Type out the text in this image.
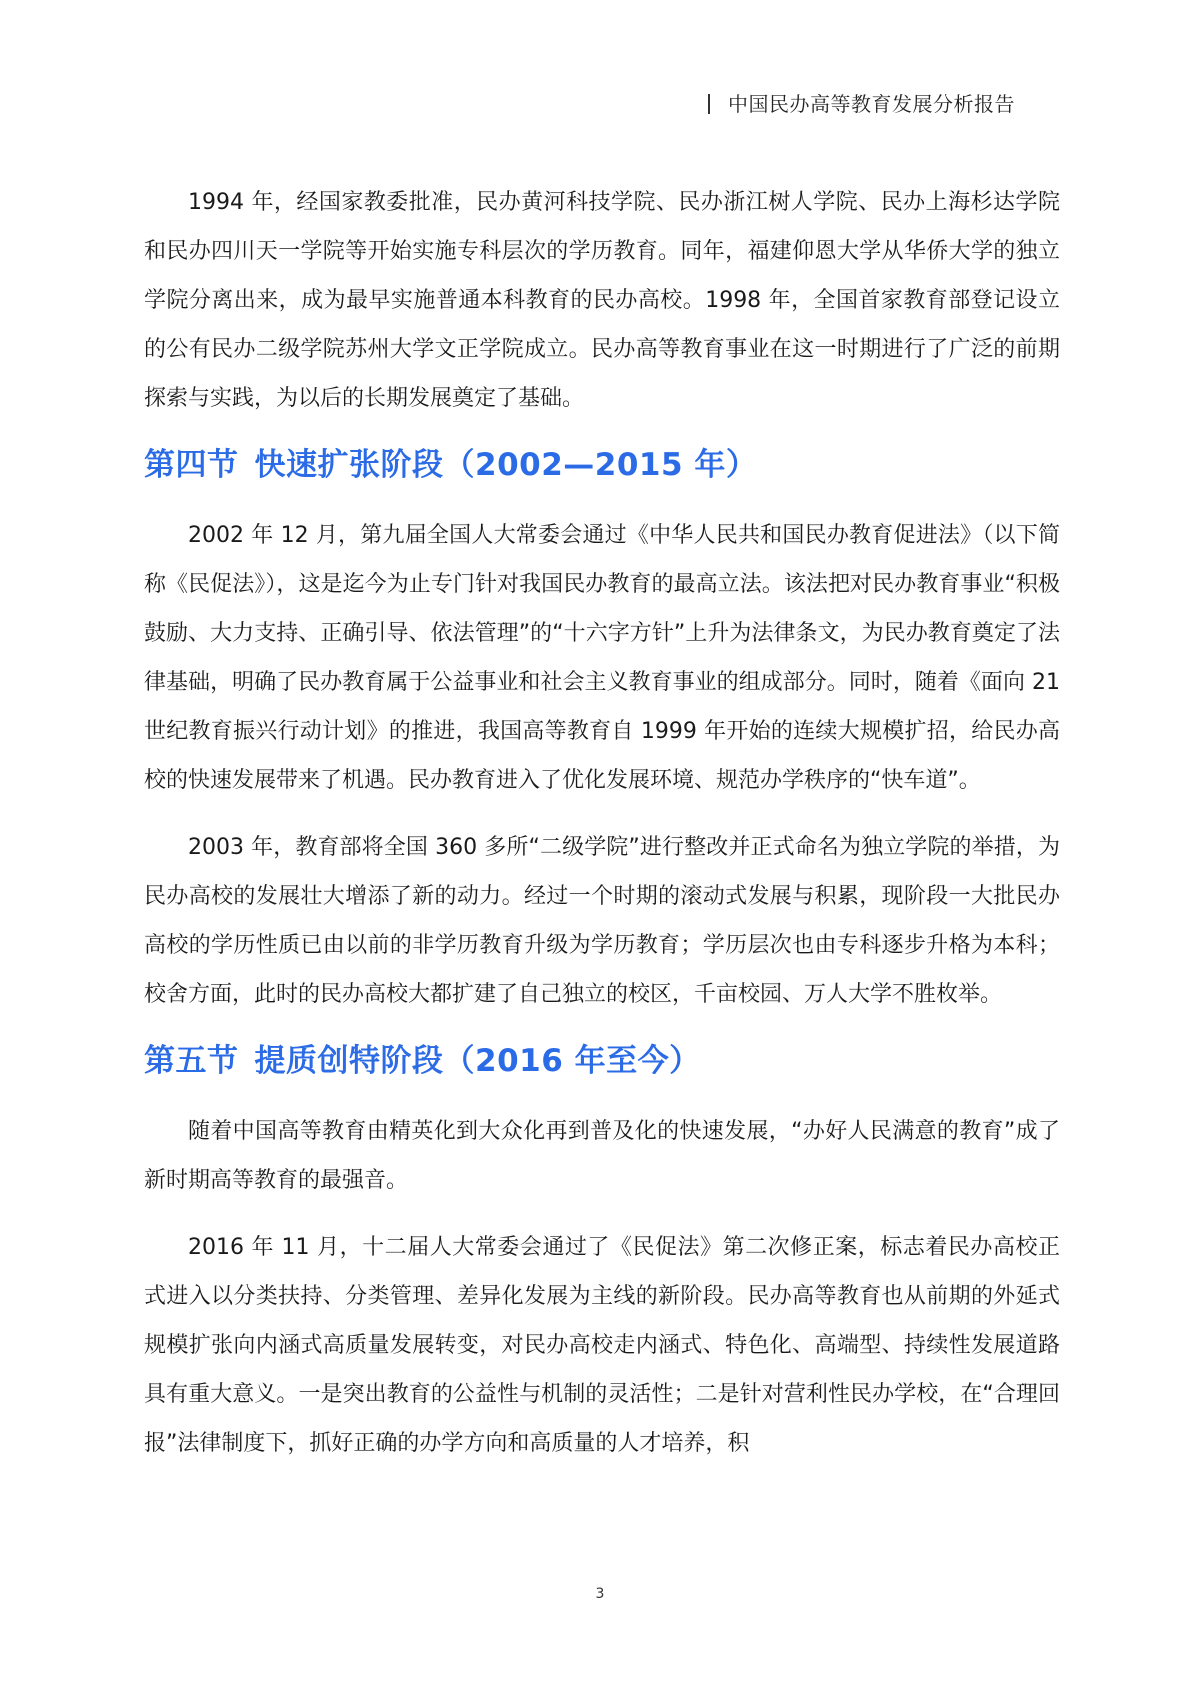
中国民办高等教育发展分析报告

1994 年，经国家教委批准，民办黄河科技学院、民办浙江树人学院、民办上海杉达学院和民办四川天一学院等开始实施专科层次的学历教育。同年，福建仰恩大学从华侨大学的独立学院分离出来，成为最早实施普通本科教育的民办高校。1998 年，全国首家教育部登记设立的公有民办二级学院苏州大学文正学院成立。民办高等教育事业在这一时期进行了广泛的前期探索与实践，为以后的长期发展奠定了基础。

第四节 快速扩张阶段（2002—2015 年）

2002 年 12 月，第九届全国人大常委会通过《中华人民共和国民办教育促进法》（以下简称《民促法》），这是迄今为止专门针对我国民办教育的最高立法。该法把对民办教育事业“积极鼓励、大力支持、正确引导、依法管理”的“十六字方针”上升为法律条文，为民办教育奠定了法律基础，明确了民办教育属于公益事业和社会主义教育事业的组成部分。同时，随着《面向 21 世纪教育振兴行动计划》的推进，我国高等教育自 1999 年开始的连续大规模扩招，给民办高校的快速发展带来了机遇。民办教育进入了优化发展环境、规范办学秩序的“快车道”。

2003 年，教育部将全国 360 多所“二级学院”进行整改并正式命名为独立学院的举措，为民办高校的发展壮大增添了新的动力。经过一个时期的滚动式发展与积累，现阶段一大批民办高校的学历性质已由以前的非学历教育升级为学历教育；学历层次也由专科逐步升格为本科；校舍方面，此时的民办高校大都扩建了自己独立的校区，千亩校园、万人大学不胜枚举。

第五节 提质创特阶段（2016 年至今）

随着中国高等教育由精英化到大众化再到普及化的快速发展，“办好人民满意的教育”成了新时期高等教育的最强音。

2016 年 11 月，十二届人大常委会通过了《民促法》第二次修正案，标志着民办高校正式进入以分类扶持、分类管理、差异化发展为主线的新阶段。民办高等教育也从前期的外延式规模扩张向内涵式高质量发展转变，对民办高校走内涵式、特色化、高端型、持续性发展道路具有重大意义。一是突出教育的公益性与机制的灵活性；二是针对营利性民办学校，在“合理回报”法律制度下，抓好正确的办学方向和高质量的人才培养，积

3
